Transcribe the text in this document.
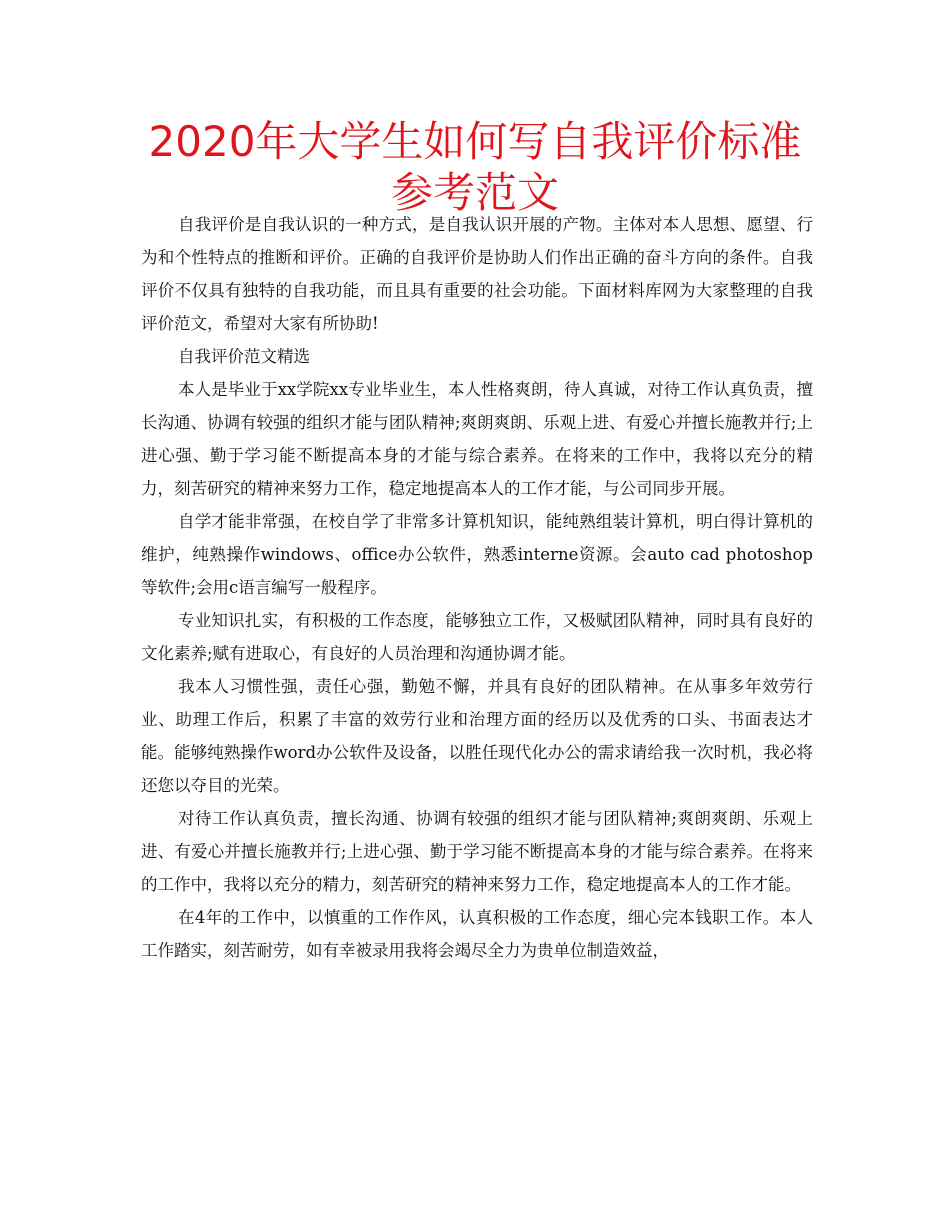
2020年大学生如何写自我评价标准参考范文

自我评价是自我认识的一种方式，是自我认识开展的产物。主体对本人思想、愿望、行为和个性特点的推断和评价。正确的自我评价是协助人们作出正确的奋斗方向的条件。自我评价不仅具有独特的自我功能，而且具有重要的社会功能。下面材料库网为大家整理的自我评价范文，希望对大家有所协助!

自我评价范文精选

本人是毕业于xx学院xx专业毕业生，本人性格爽朗，待人真诚，对待工作认真负责，擅长沟通、协调有较强的组织才能与团队精神;爽朗爽朗、乐观上进、有爱心并擅长施教并行;上进心强、勤于学习能不断提高本身的才能与综合素养。在将来的工作中，我将以充分的精力，刻苦研究的精神来努力工作，稳定地提高本人的工作才能，与公司同步开展。

自学才能非常强，在校自学了非常多计算机知识，能纯熟组装计算机，明白得计算机的维护，纯熟操作windows、office办公软件，熟悉interne资源。会auto cad photoshop 等软件;会用c语言编写一般程序。

专业知识扎实，有积极的工作态度，能够独立工作，又极赋团队精神，同时具有良好的文化素养;赋有进取心，有良好的人员治理和沟通协调才能。

我本人习惯性强，责任心强，勤勉不懈，并具有良好的团队精神。在从事多年效劳行业、助理工作后，积累了丰富的效劳行业和治理方面的经历以及优秀的口头、书面表达才能。能够纯熟操作word办公软件及设备，以胜任现代化办公的需求请给我一次时机，我必将还您以夺目的光荣。

对待工作认真负责，擅长沟通、协调有较强的组织才能与团队精神;爽朗爽朗、乐观上进、有爱心并擅长施教并行;上进心强、勤于学习能不断提高本身的才能与综合素养。在将来的工作中，我将以充分的精力，刻苦研究的精神来努力工作，稳定地提高本人的工作才能。

在4年的工作中，以慎重的工作作风，认真积极的工作态度，细心完本钱职工作。本人工作踏实，刻苦耐劳，如有幸被录用我将会竭尽全力为贵单位制造效益，
